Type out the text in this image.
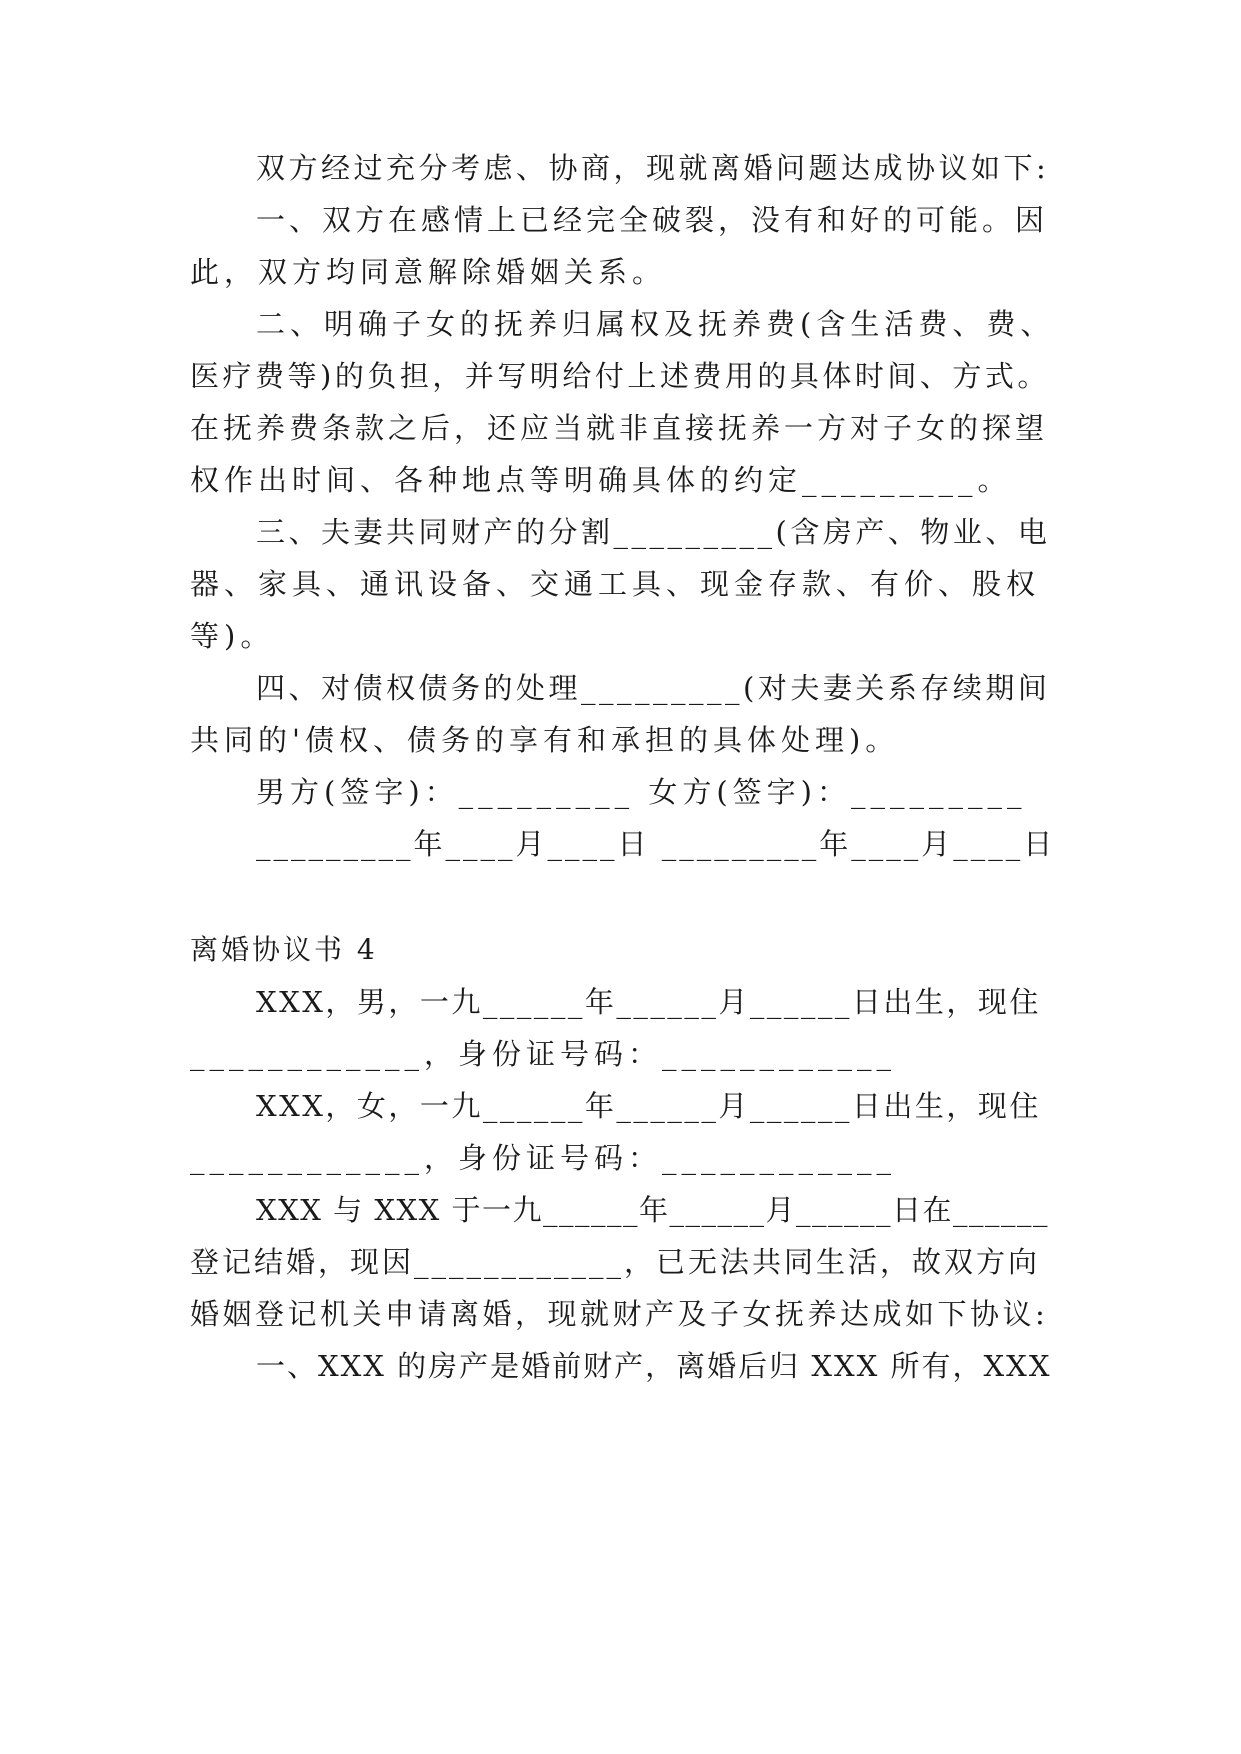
双方经过充分考虑、协商，现就离婚问题达成协议如下:
一、双方在感情上已经完全破裂，没有和好的可能。因
此，双方均同意解除婚姻关系。
二、明确子女的抚养归属权及抚养费(含生活费、费、
医疗费等)的负担，并写明给付上述费用的具体时间、方式。
在抚养费条款之后，还应当就非直接抚养一方对子女的探望
权作出时间、各种地点等明确具体的约定_________。
三、夫妻共同财产的分割_________(含房产、物业、电
器、家具、通讯设备、交通工具、现金存款、有价、股权
等)。
四、对债权债务的处理_________(对夫妻关系存续期间
共同的'债权、债务的享有和承担的具体处理)。
男方(签字)：_________ 女方(签字)：_________
_________年____月____日 _________年____月____日
离婚协议书 4
XXX，男，一九______年______月______日出生，现住
____________，身份证号码：____________
XXX，女，一九______年______月______日出生，现住
____________，身份证号码：____________
XXX 与 XXX 于一九______年______月______日在______
登记结婚，现因____________，已无法共同生活，故双方向
婚姻登记机关申请离婚，现就财产及子女抚养达成如下协议:
一、XXX 的房产是婚前财产，离婚后归 XXX 所有，XXX
